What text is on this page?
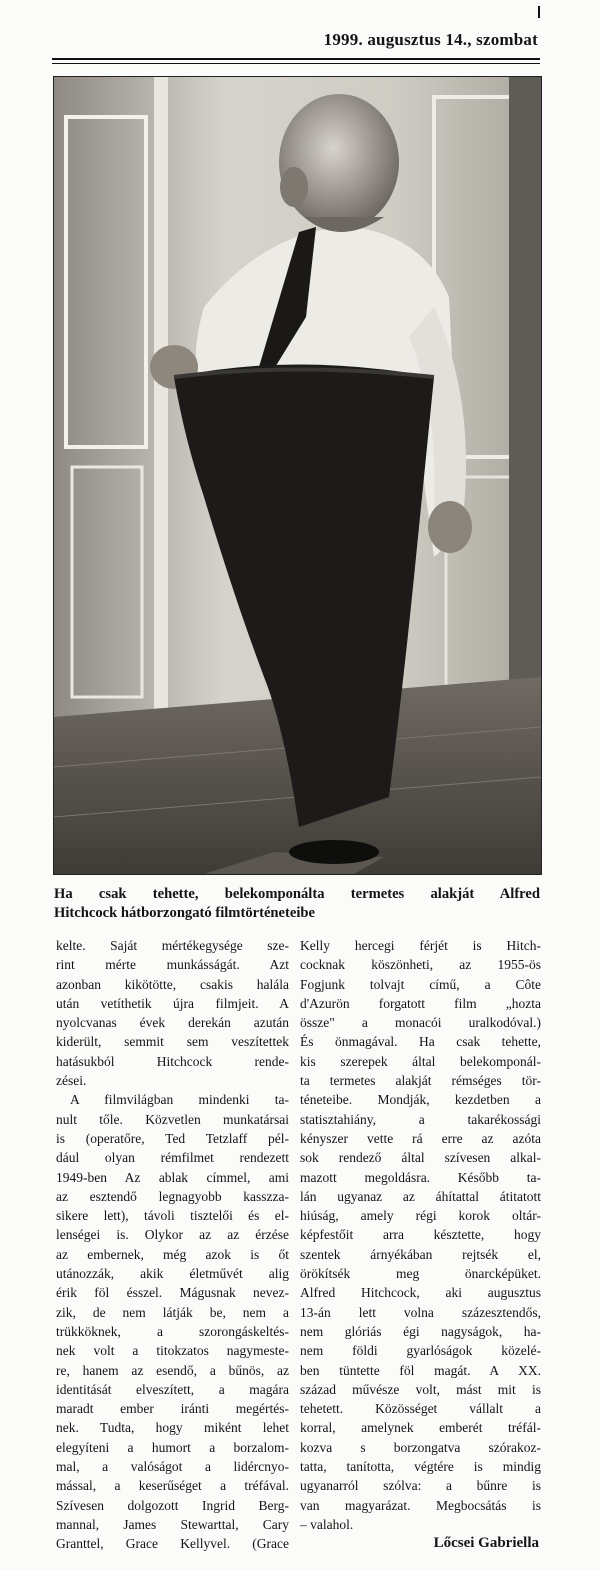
1999. augusztus 14., szombat
Ha csak tehette, belekomponálta termetes alakját Alfred
Hitchcock hátborzongató filmtörténeteibe
kelte. Saját mértékegysége sze-
rint mérte munkásságát. Azt
azonban kikötötte, csakis halála
után vetíthetik újra filmjeit. A
nyolcvanas évek derekán azután
kiderült, semmit sem veszítettek
hatásukból Hitchcock rende-
zései.
A filmvilágban mindenki ta-
nult tőle. Közvetlen munkatársai
is (operatőre, Ted Tetzlaff pél-
dául olyan rémfilmet rendezett
1949-ben Az ablak címmel, ami
az esztendő legnagyobb kasszza-
sikere lett), távoli tisztelői és el-
lenségei is. Olykor az az érzése
az embernek, még azok is őt
utánozzák, akik életművét alig
érik föl ésszel. Mágusnak nevez-
zik, de nem látják be, nem a
trükköknek, a szorongáskeltés-
nek volt a titokzatos nagymeste-
re, hanem az esendő, a bűnös, az
identitását elveszített, a magára
maradt ember iránti megértés-
nek. Tudta, hogy miként lehet
elegyíteni a humort a borzalom-
mal, a valóságot a lidércnyo-
mással, a keserűséget a tréfával.
Szívesen dolgozott Ingrid Berg-
mannal, James Stewarttal, Cary
Granttel, Grace Kellyvel. (Grace
Kelly hercegi férjét is Hitch-
cocknak köszönheti, az 1955-ös
Fogjunk tolvajt című, a Côte
d'Azurön forgatott film „hozta
össze" a monacói uralkodóval.)
És önmagával. Ha csak tehette,
kis szerepek által belekomponál-
ta termetes alakját rémséges tör-
téneteibe. Mondják, kezdetben a
statisztahiány, a takarékossági
kényszer vette rá erre az azóta
sok rendező által szívesen alkal-
mazott megoldásra. Később ta-
lán ugyanaz az áhítattal átitatott
hiúság, amely régi korok oltár-
képfestőit arra késztette, hogy
szentek árnyékában rejtsék el,
örökítsék meg önarcképüket.
Alfred Hitchcock, aki augusztus
13-án lett volna százesztendős,
nem glóriás égi nagyságok, ha-
nem földi gyarlóságok közelé-
ben tüntette föl magát. A XX.
század művésze volt, mást mit is
tehetett. Közösséget vállalt a
korral, amelynek emberét tréfál-
kozva s borzongatva szórakoz-
tatta, tanította, végtére is mindig
ugyanarról szólva: a bűnre is
van magyarázat. Megbocsátás is
– valahol.
Lőcsei Gabriella
